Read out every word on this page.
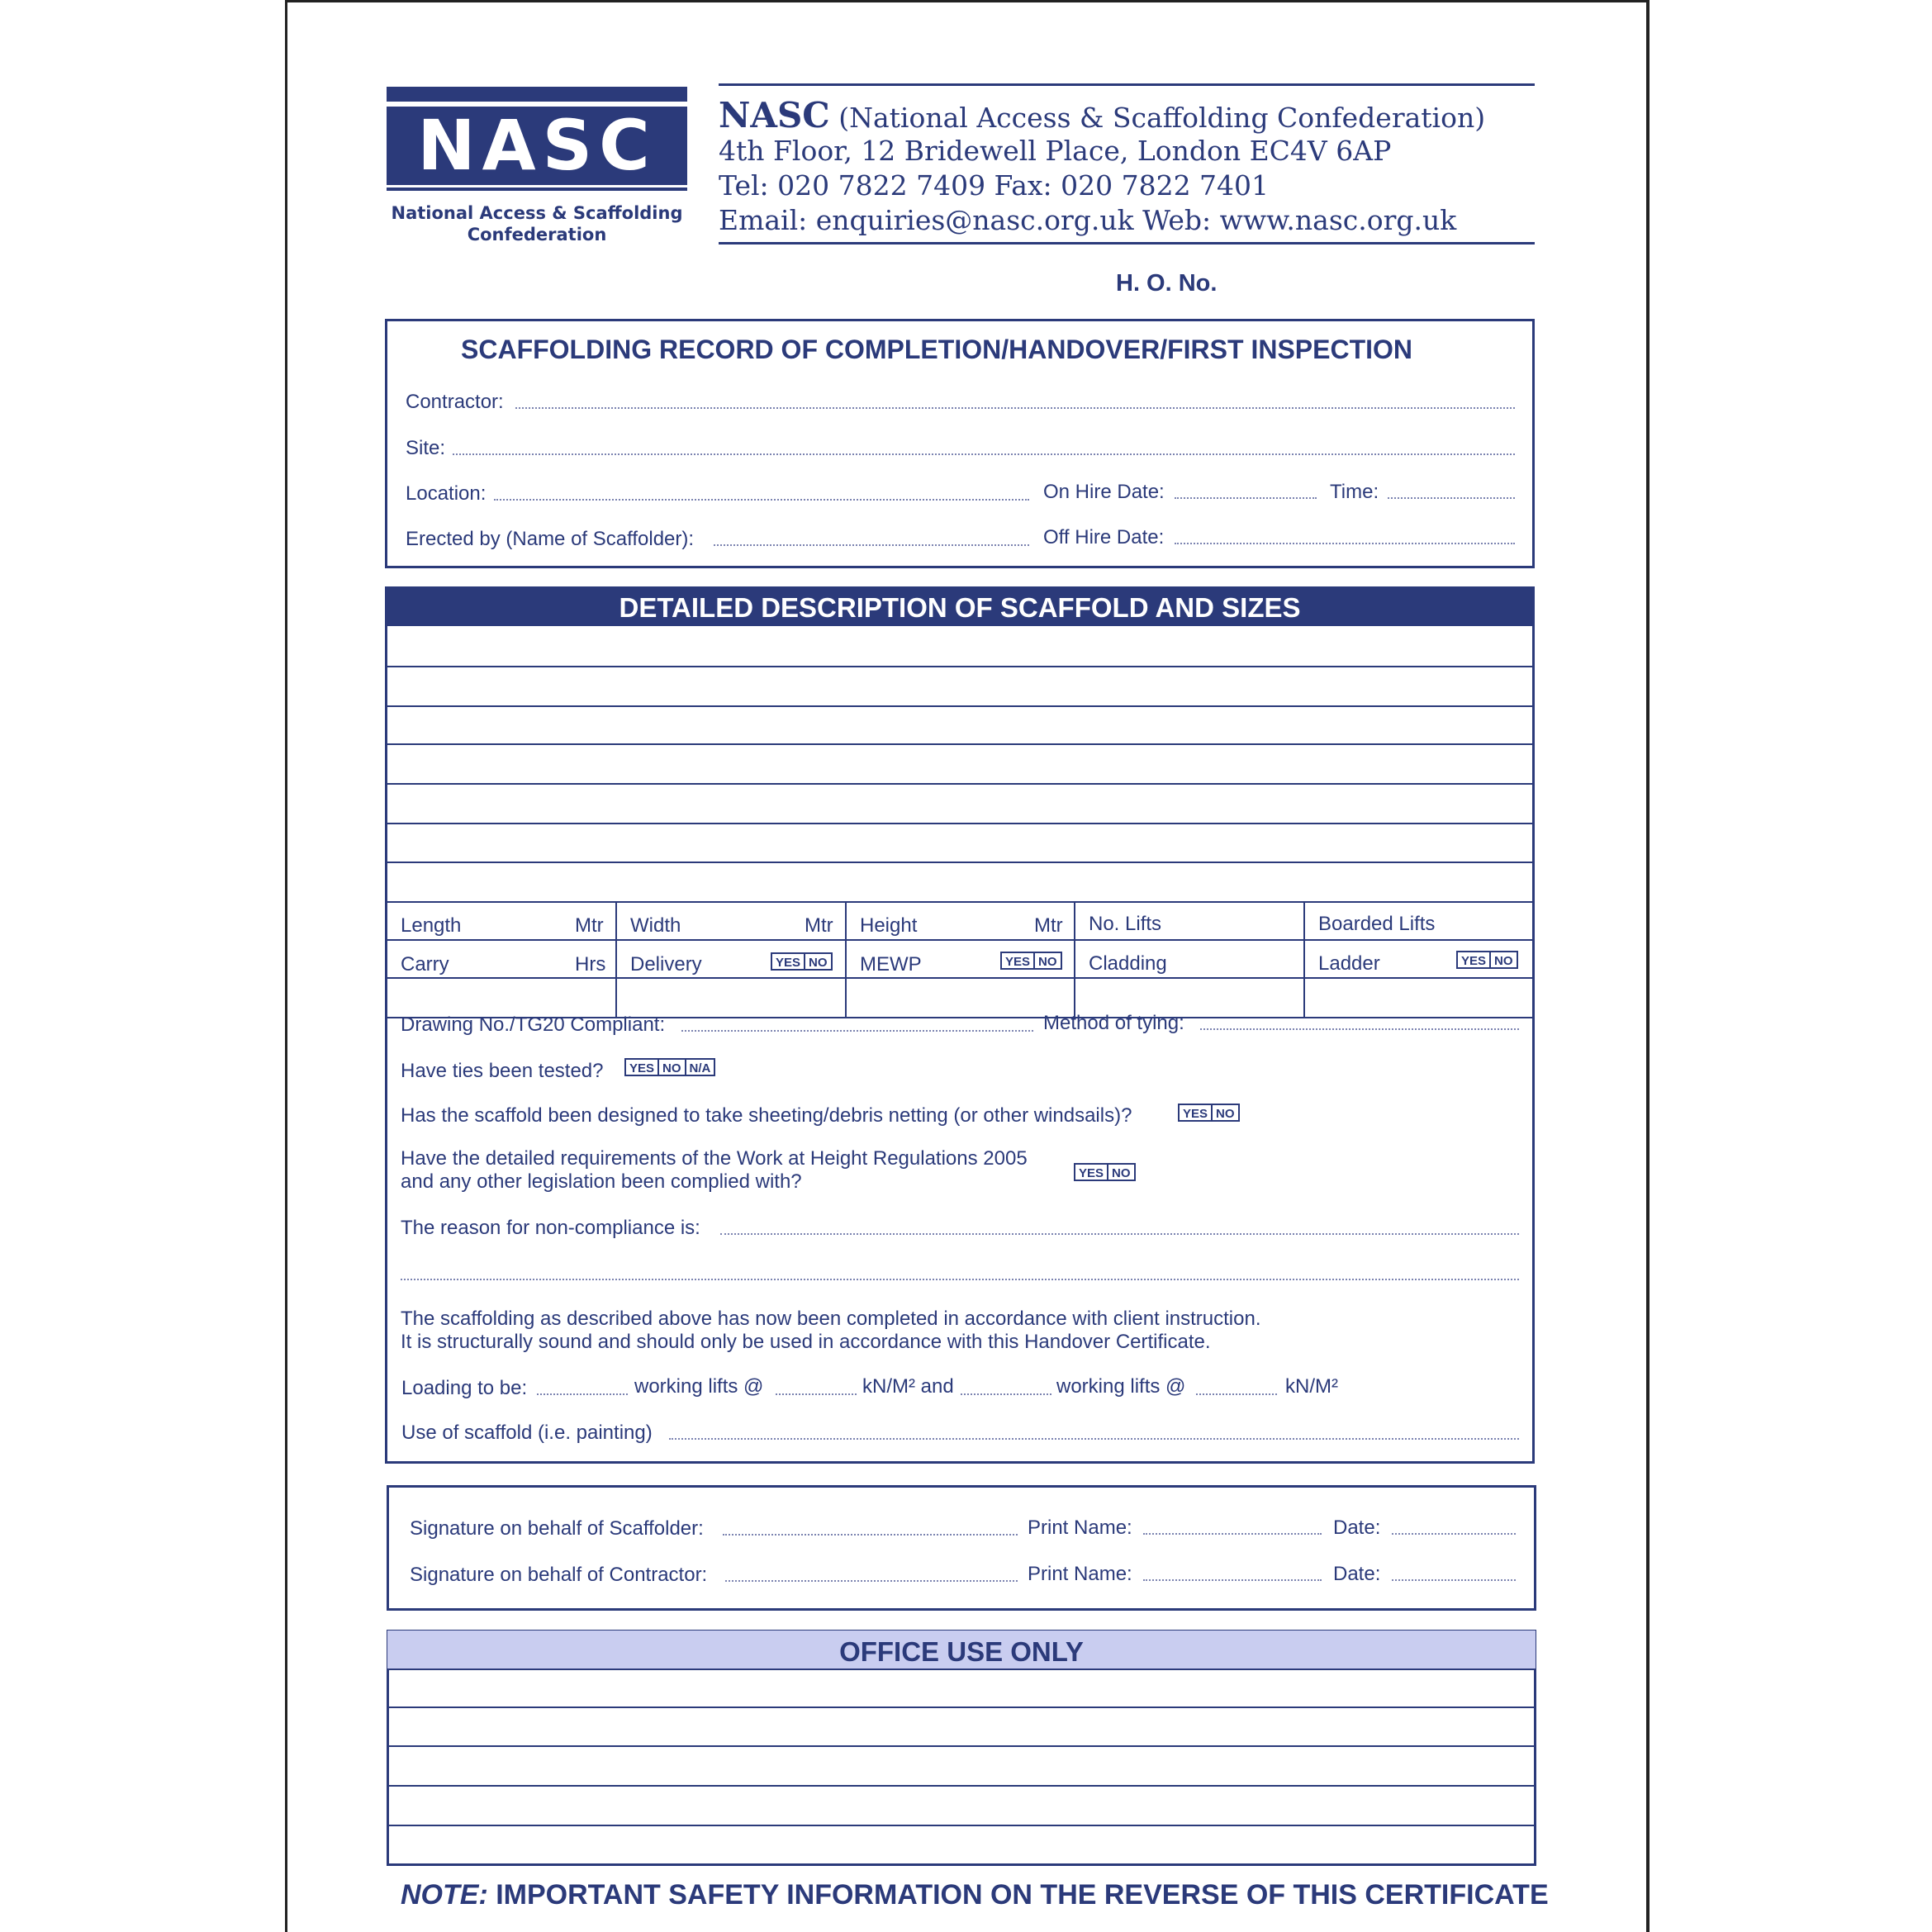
NASC
National Access & Scaffolding
Confederation
NASC (National Access & Scaffolding Confederation)
4th Floor, 12 Bridewell Place, London EC4V 6AP
Tel: 020 7822 7409 Fax: 020 7822 7401
Email: enquiries@nasc.org.uk Web: www.nasc.org.uk
H. O. No.
SCAFFOLDING RECORD OF COMPLETION/HANDOVER/FIRST INSPECTION
Contractor:
Site:
Location:	On Hire Date:	Time:
Erected by (Name of Scaffolder):	Off Hire Date:
DETAILED DESCRIPTION OF SCAFFOLD AND SIZES
Length	Mtr Width	Mtr Height	Mtr No. Lifts	Boarded Lifts
Carry	Hrs Delivery	YES NO MEWP	YES NO Cladding	Ladder	YES NO
Drawing No./TG20 Compliant:	Method of tying:
Have ties been tested? YES NO N/A
Has the scaffold been designed to take sheeting/debris netting (or other windsails)?	YES NO
Have the detailed requirements of the Work at Height Regulations 2005
and any other legislation been complied with?	YES NO
The reason for non-compliance is:
The scaffolding as described above has now been completed in accordance with client instruction.
It is structurally sound and should only be used in accordance with this Handover Certificate.
Loading to be:	working lifts @	kN/M² and	working lifts @	kN/M²
Use of scaffold (i.e. painting)
Signature on behalf of Scaffolder:	Print Name:	Date:
Signature on behalf of Contractor:	Print Name:	Date:
OFFICE USE ONLY
NOTE: IMPORTANT SAFETY INFORMATION ON THE REVERSE OF THIS CERTIFICATE
